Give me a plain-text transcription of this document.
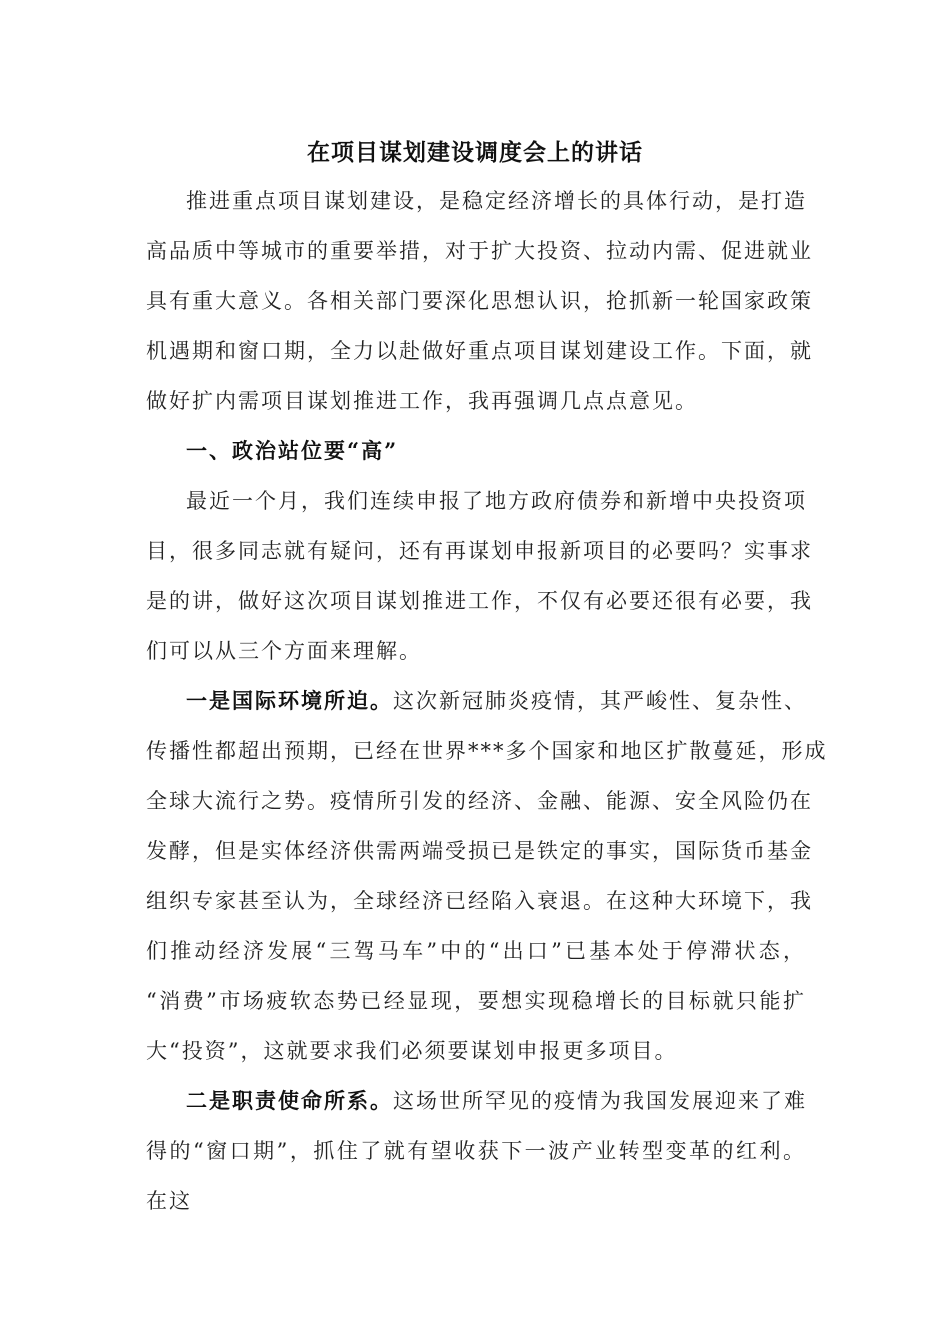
在项目谋划建设调度会上的讲话
推进重点项目谋划建设，是稳定经济增长的具体行动，是打造
高品质中等城市的重要举措，对于扩大投资、拉动内需、促进就业
具有重大意义。各相关部门要深化思想认识，抢抓新一轮国家政策
机遇期和窗口期，全力以赴做好重点项目谋划建设工作。下面，就
做好扩内需项目谋划推进工作，我再强调几点点意见。
一、政治站位要“高”
最近一个月，我们连续申报了地方政府债券和新增中央投资项
目，很多同志就有疑问，还有再谋划申报新项目的必要吗？实事求
是的讲，做好这次项目谋划推进工作，不仅有必要还很有必要，我
们可以从三个方面来理解。
一是国际环境所迫。这次新冠肺炎疫情，其严峻性、复杂性、
传播性都超出预期，已经在世界***多个国家和地区扩散蔓延，形成
全球大流行之势。疫情所引发的经济、金融、能源、安全风险仍在
发酵，但是实体经济供需两端受损已是铁定的事实，国际货币基金
组织专家甚至认为，全球经济已经陷入衰退。在这种大环境下，我
们推动经济发展“三驾马车”中的“出口”已基本处于停滞状态，
“消费”市场疲软态势已经显现，要想实现稳增长的目标就只能扩
大“投资”，这就要求我们必须要谋划申报更多项目。
二是职责使命所系。这场世所罕见的疫情为我国发展迎来了难
得的“窗口期”，抓住了就有望收获下一波产业转型变革的红利。
在这
